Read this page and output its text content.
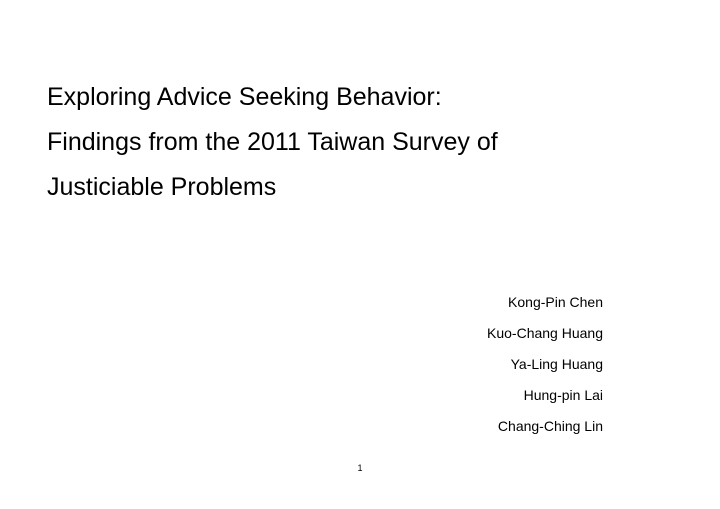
Exploring Advice Seeking Behavior:
Findings from the 2011 Taiwan Survey of
Justiciable Problems
Kong-Pin Chen
Kuo-Chang Huang
Ya-Ling Huang
Hung-pin Lai
Chang-Ching Lin
1
